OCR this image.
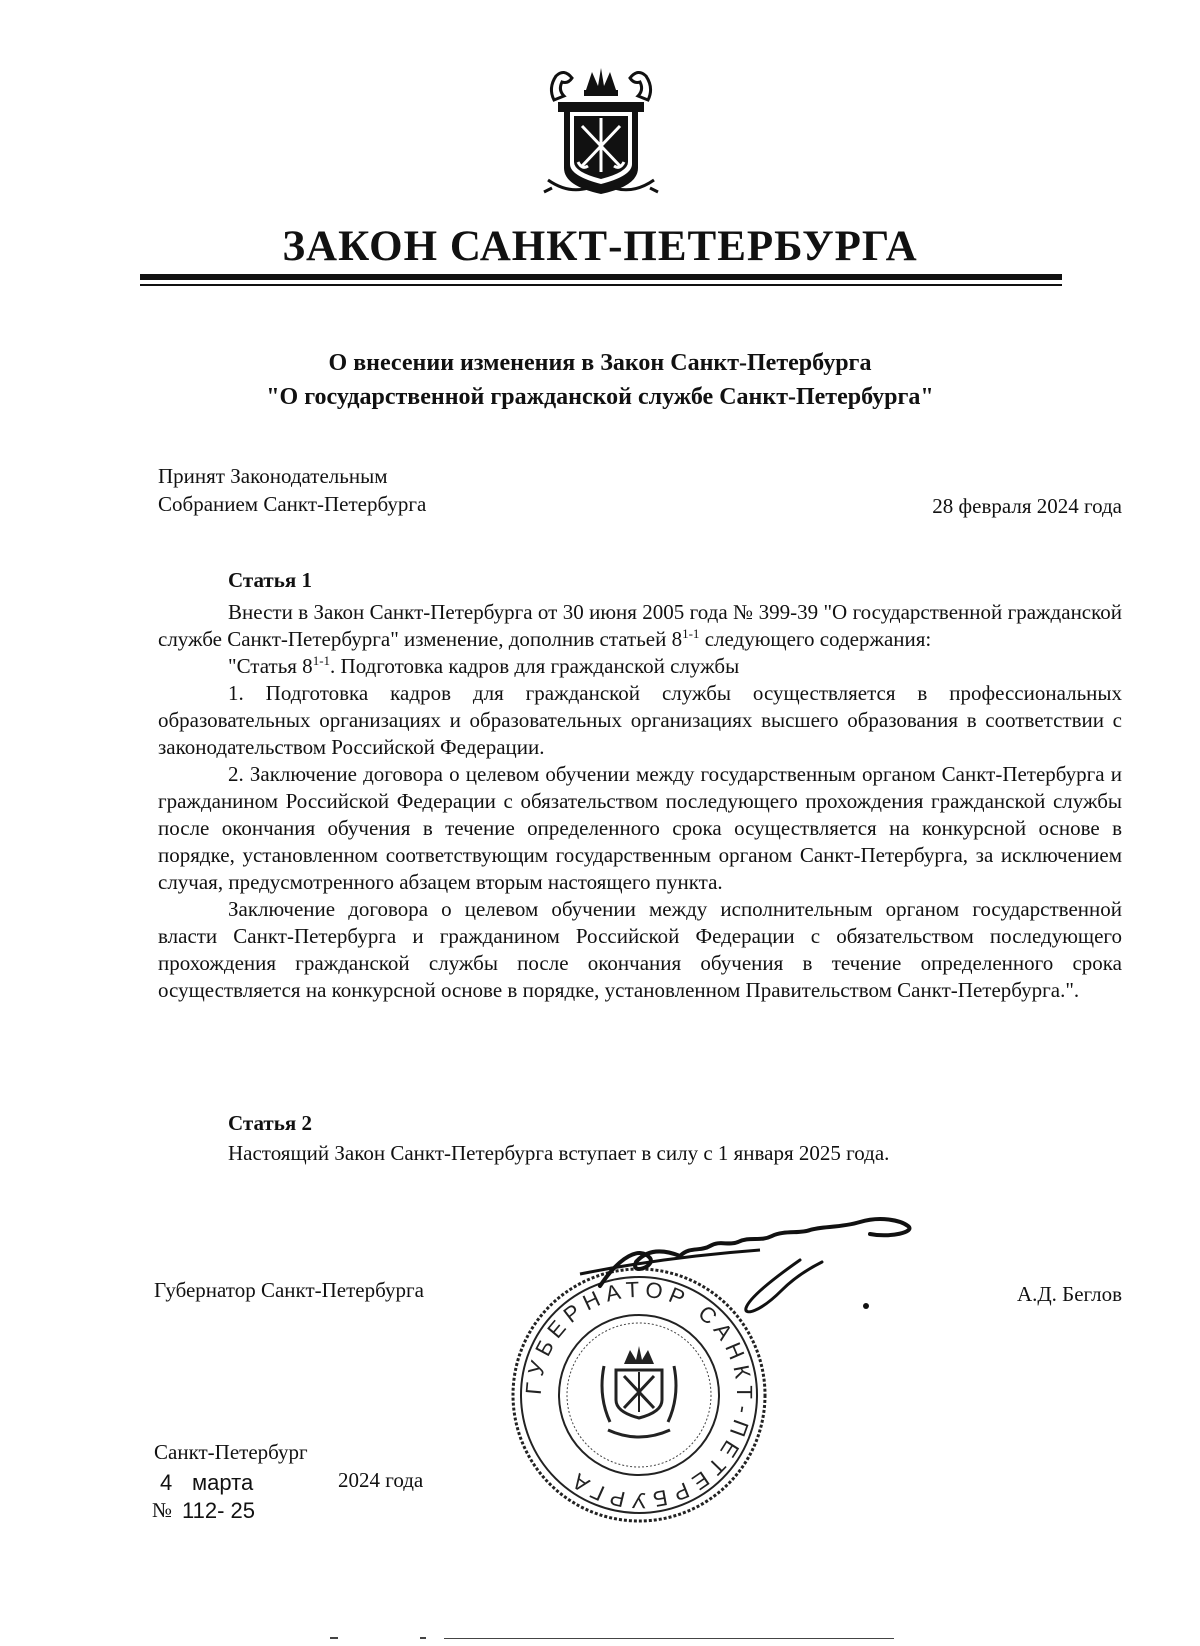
ЗАКОН САНКТ-ПЕТЕРБУРГА
О внесении изменения в Закон Санкт-Петербурга
"О государственной гражданской службе Санкт-Петербурга"
Принят Законодательным
Собранием Санкт-Петербурга	28 февраля 2024 года
Статья 1

Внести в Закон Санкт-Петербурга от 30 июня 2005 года № 399-39 "О государственной гражданской службе Санкт-Петербурга" изменение, дополнив статьей 8$^{1-1}$ следующего содержания:

"Статья 8$^{1-1}$. Подготовка кадров для гражданской службы

1. Подготовка кадров для гражданской службы осуществляется в профессиональных образовательных организациях и образовательных организациях высшего образования в соответствии с законодательством Российской Федерации.

2. Заключение договора о целевом обучении между государственным органом Санкт-Петербурга и гражданином Российской Федерации с обязательством последующего прохождения гражданской службы после окончания обучения в течение определенного срока осуществляется на конкурсной основе в порядке, установленном соответствующим государственным органом Санкт-Петербурга, за исключением случая, предусмотренного абзацем вторым настоящего пункта.

Заключение договора о целевом обучении между исполнительным органом государственной власти Санкт-Петербурга и гражданином Российской Федерации с обязательством последующего прохождения гражданской службы после окончания обучения в течение определенного срока осуществляется на конкурсной основе в порядке, установленном Правительством Санкт-Петербурга.".

Статья 2

Настоящий Закон Санкт-Петербурга вступает в силу с 1 января 2025 года.

Губернатор Санкт-Петербурга	А.Д. Беглов
ГУБЕРНАТОР САНКТ-ПЕТЕРБУРГА
Санкт-Петербург
4 марта	2024 года
№ 112- 25
